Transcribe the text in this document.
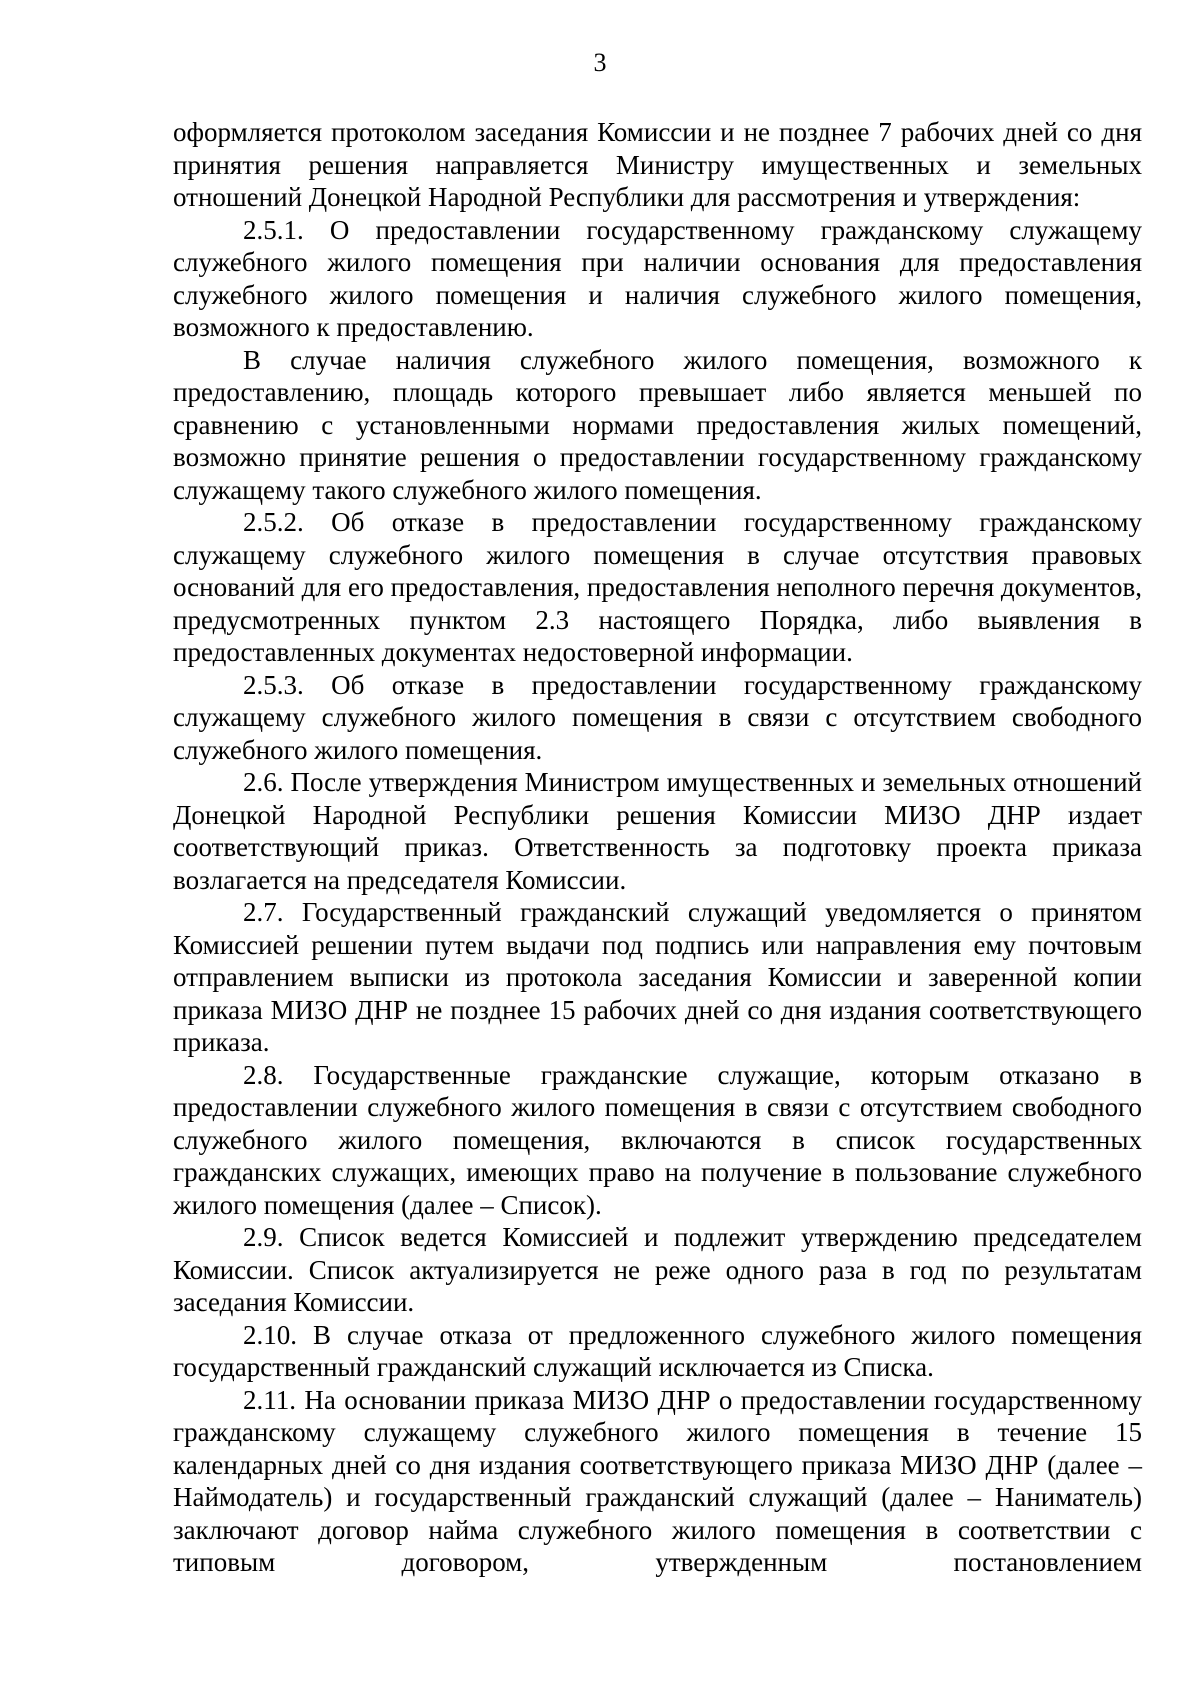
3

оформляется протоколом заседания Комиссии и не позднее 7 рабочих дней со дня принятия решения направляется Министру имущественных и земельных отношений Донецкой Народной Республики для рассмотрения и утверждения:

2.5.1. О предоставлении государственному гражданскому служащему служебного жилого помещения при наличии основания для предоставления служебного жилого помещения и наличия служебного жилого помещения, возможного к предоставлению.

В случае наличия служебного жилого помещения, возможного к предоставлению, площадь которого превышает либо является меньшей по сравнению с установленными нормами предоставления жилых помещений, возможно принятие решения о предоставлении государственному гражданскому служащему такого служебного жилого помещения.

2.5.2. Об отказе в предоставлении государственному гражданскому служащему служебного жилого помещения в случае отсутствия правовых оснований для его предоставления, предоставления неполного перечня документов, предусмотренных пунктом 2.3 настоящего Порядка, либо выявления в предоставленных документах недостоверной информации.

2.5.3. Об отказе в предоставлении государственному гражданскому служащему служебного жилого помещения в связи с отсутствием свободного служебного жилого помещения.

2.6. После утверждения Министром имущественных и земельных отношений Донецкой Народной Республики решения Комиссии МИЗО ДНР издает соответствующий приказ. Ответственность за подготовку проекта приказа возлагается на председателя Комиссии.

2.7. Государственный гражданский служащий уведомляется о принятом Комиссией решении путем выдачи под подпись или направления ему почтовым отправлением выписки из протокола заседания Комиссии и заверенной копии приказа МИЗО ДНР не позднее 15 рабочих дней со дня издания соответствующего приказа.

2.8. Государственные гражданские служащие, которым отказано в предоставлении служебного жилого помещения в связи с отсутствием свободного служебного жилого помещения, включаются в список государственных гражданских служащих, имеющих право на получение в пользование служебного жилого помещения (далее – Список).

2.9. Список ведется Комиссией и подлежит утверждению председателем Комиссии. Список актуализируется не реже одного раза в год по результатам заседания Комиссии.

2.10. В случае отказа от предложенного служебного жилого помещения государственный гражданский служащий исключается из Списка.

2.11. На основании приказа МИЗО ДНР о предоставлении государственному гражданскому служащему служебного жилого помещения в течение 15 календарных дней со дня издания соответствующего приказа МИЗО ДНР (далее – Наймодатель) и государственный гражданский служащий (далее – Наниматель) заключают договор найма служебного жилого помещения в соответствии с типовым договором, утвержденным постановлением
